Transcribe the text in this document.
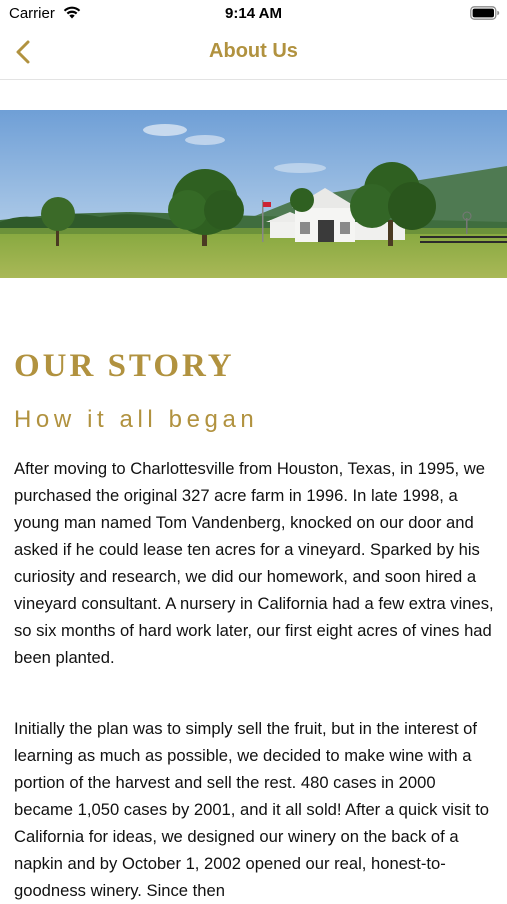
Carrier	9:14 AM
About Us
OUR STORY
How it all began

After moving to Charlottesville from Houston, Texas, in 1995, we purchased the original 327 acre farm in 1996. In late 1998, a young man named Tom Vandenberg, knocked on our door and asked if he could lease ten acres for a vineyard. Sparked by his curiosity and research, we did our homework, and soon hired a vineyard consultant. A nursery in California had a few extra vines, so six months of hard work later, our first eight acres of vines had been planted.

Initially the plan was to simply sell the fruit, but in the interest of learning as much as possible, we decided to make wine with a portion of the harvest and sell the rest. 480 cases in 2000 became 1,050 cases by 2001, and it all sold! After a quick visit to California for ideas, we designed our winery on the back of a napkin and by October 1, 2002 opened our real, honest-to-goodness winery. Since then
